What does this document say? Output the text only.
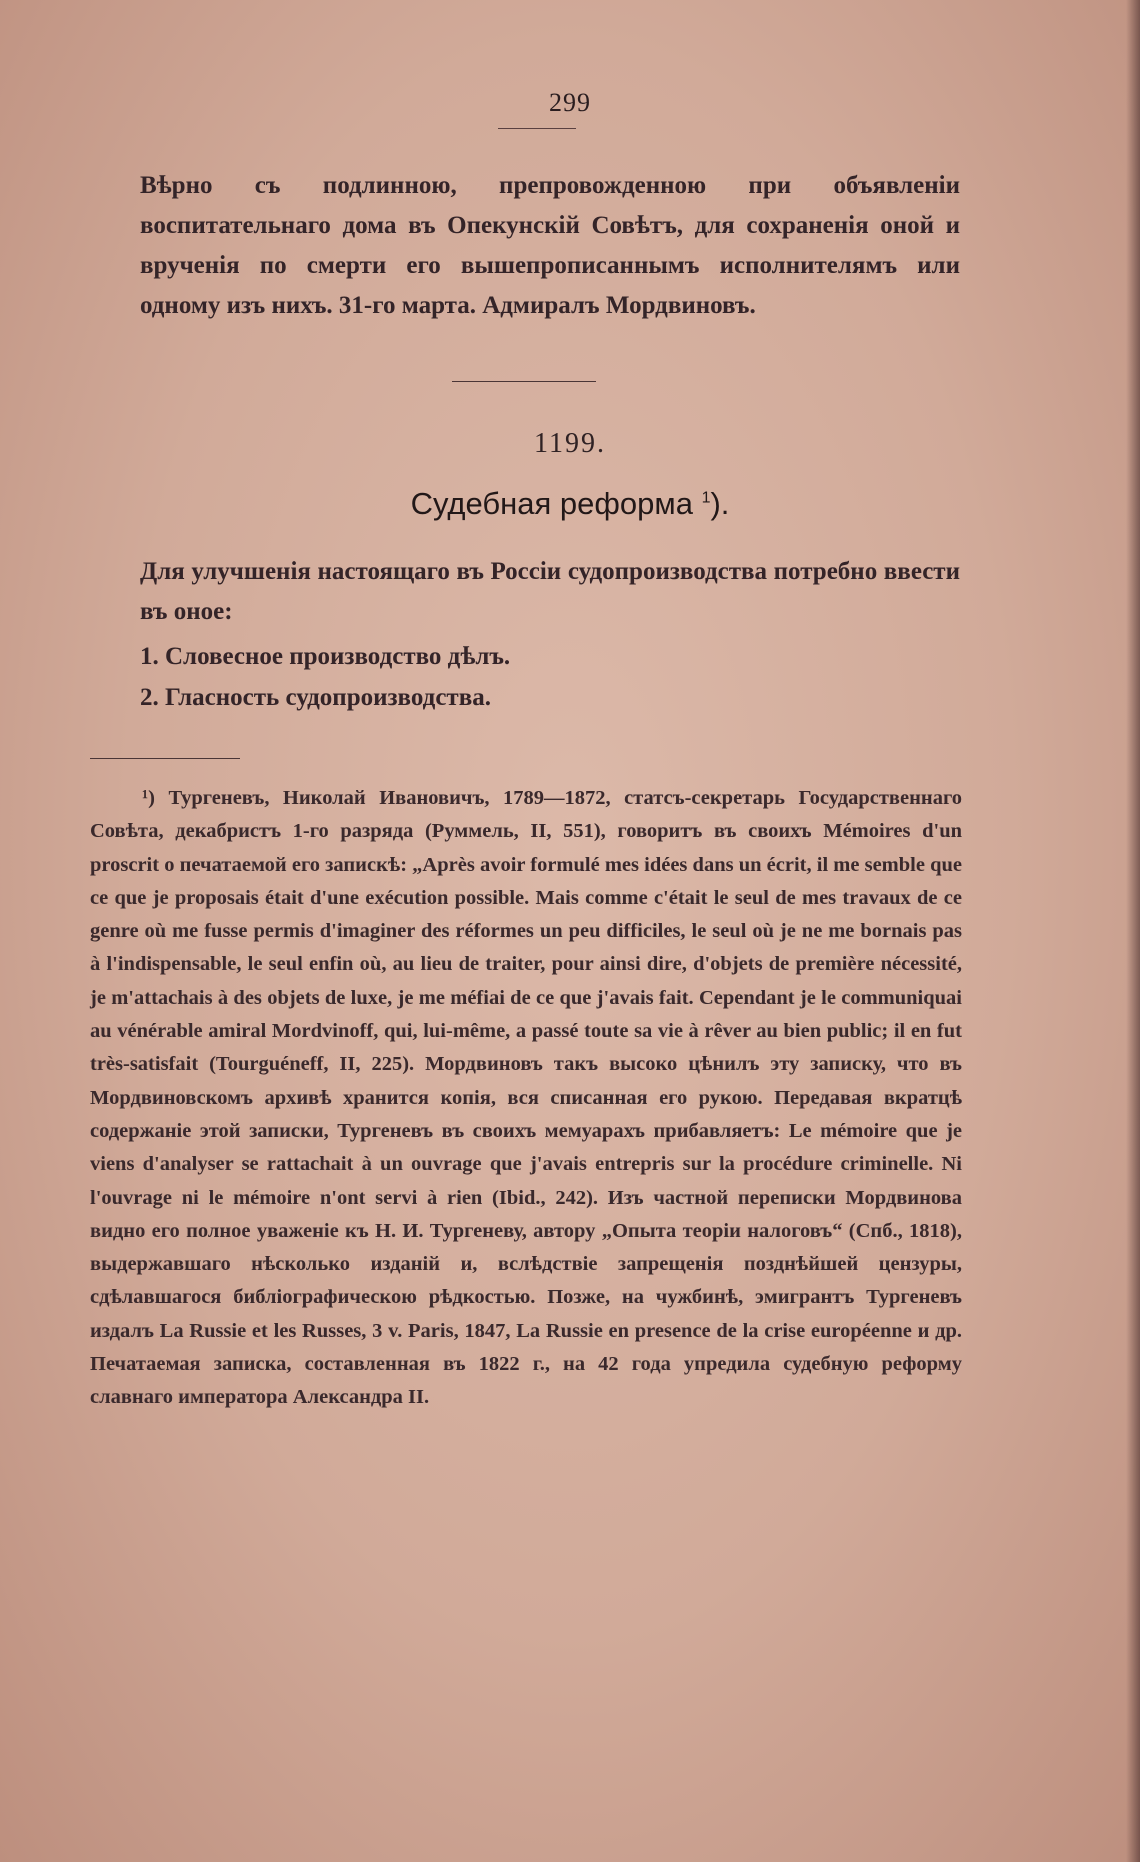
299
Вѣрно съ подлинною, препровожденною при объявленіи воспитательнаго дома въ Опекунскій Совѣтъ, для сохраненія оной и врученія по смерти его вышепрописаннымъ исполнителямъ или одному изъ нихъ. 31-го марта. Адмиралъ Мордвиновъ.
1199.
Судебная реформа $^1$).
Для улучшенія настоящаго въ Россіи судопроизводства потребно ввести въ оное:
1. Словесное производство дѣлъ.
2. Гласность судопроизводства.
¹) Тургеневъ, Николай Ивановичъ, 1789—1872, статсъ-секретарь Государственнаго Совѣта, декабристъ 1-го разряда (Руммель, II, 551), говоритъ въ своихъ Mémoires d'un proscrit о печатаемой его запискѣ: „Après avoir formulé mes idées dans un écrit, il me semble que ce que je proposais était d'une exécution possible. Mais comme c'était le seul de mes travaux de ce genre où me fusse permis d'imaginer des réformes un peu difficiles, le seul où je ne me bornais pas à l'indispensable, le seul enfin où, au lieu de traiter, pour ainsi dire, d'objets de première nécessité, je m'attachais à des objets de luxe, je me méfiai de ce que j'avais fait. Cependant je le communiquai au vénérable amiral Mordvinoff, qui, lui-même, a passé toute sa vie à rêver au bien public; il en fut très-satisfait (Tourguéneff, II, 225). Мордвиновъ такъ высоко цѣнилъ эту записку, что въ Мордвиновскомъ архивѣ хранится копія, вся списанная его рукою. Передавая вкратцѣ содержаніе этой записки, Тургеневъ въ своихъ мемуарахъ прибавляетъ: Le mémoire que je viens d'analyser se rattachait à un ouvrage que j'avais entrepris sur la procédure criminelle. Ni l'ouvrage ni le mémoire n'ont servi à rien (Ibid., 242). Изъ частной переписки Мордвинова видно его полное уваженіе къ Н. И. Тургеневу, автору „Опыта теоріи налоговъ“ (Спб., 1818), выдержавшаго нѣсколько изданій и, вслѣдствіе запрещенія позднѣйшей цензуры, сдѣлавшагося библіографическою рѣдкостью. Позже, на чужбинѣ, эмигрантъ Тургеневъ издалъ La Russie et les Russes, 3 v. Paris, 1847, La Russie en presence de la crise européenne и др. Печатаемая записка, составленная въ 1822 г., на 42 года упредила судебную реформу славнаго императора Александра II.
